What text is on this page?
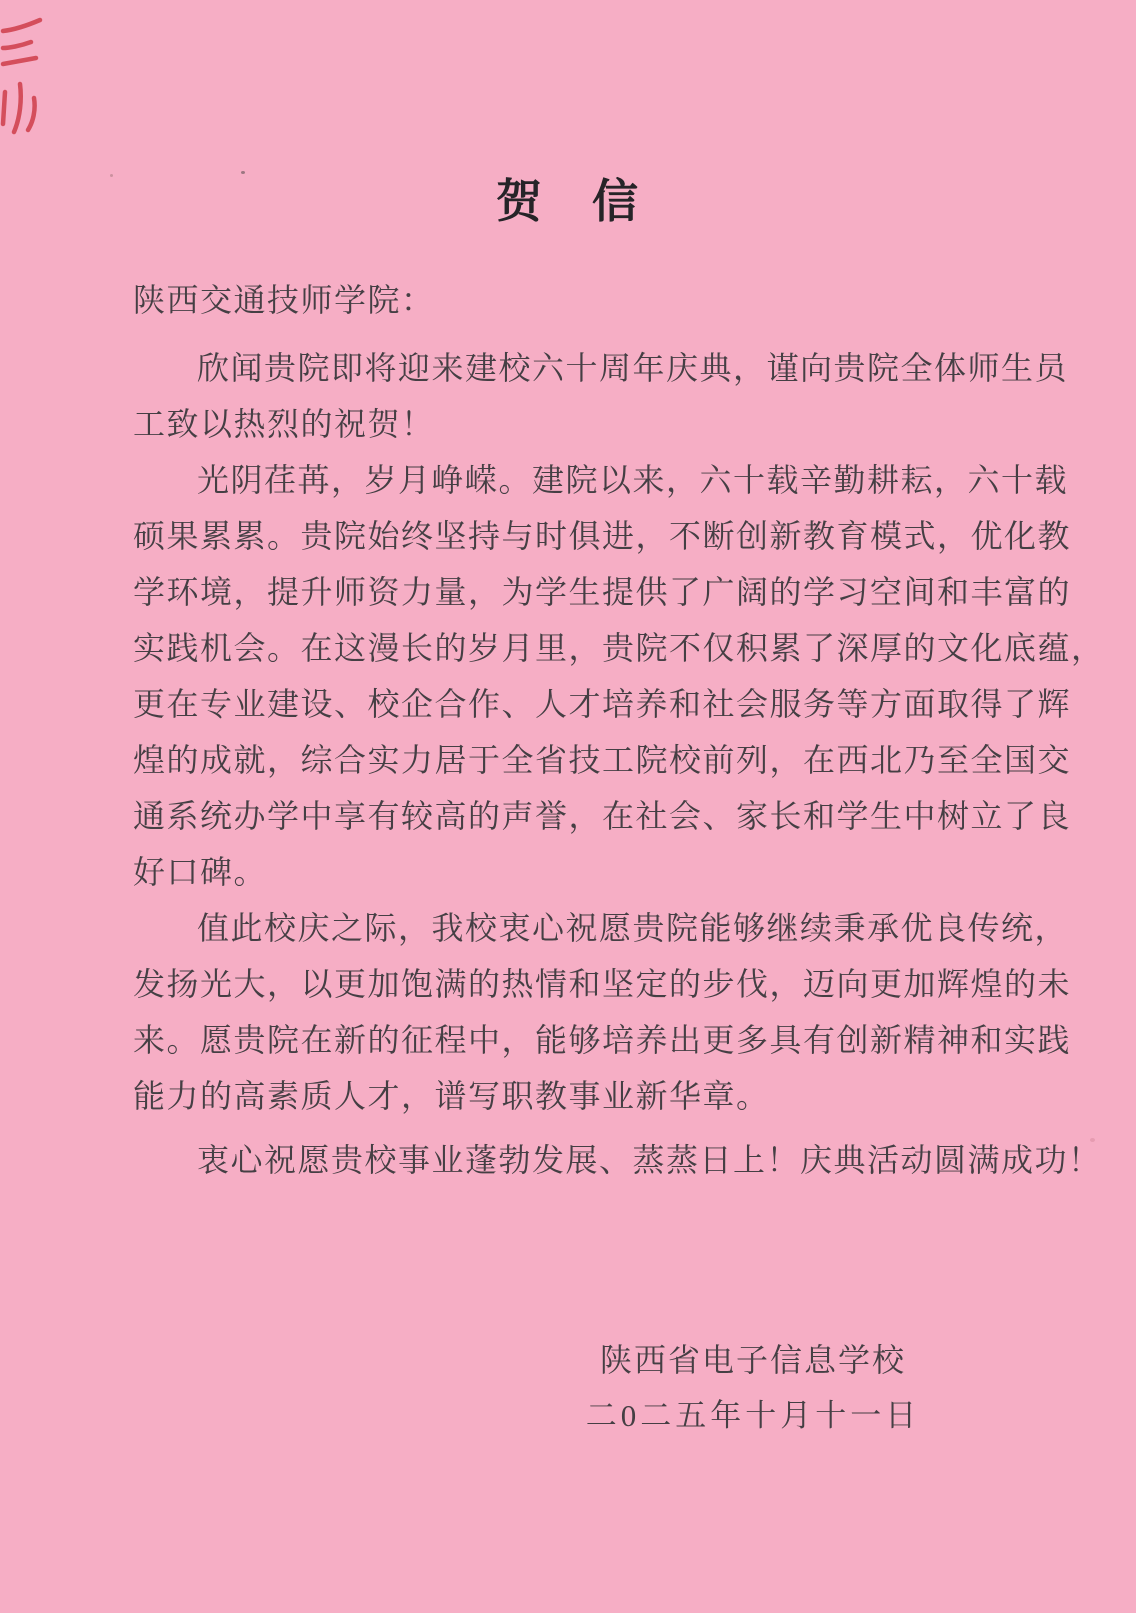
贺　信
陕西交通技师学院：
欣闻贵院即将迎来建校六十周年庆典，谨向贵院全体师生员
工致以热烈的祝贺！
光阴荏苒，岁月峥嵘。建院以来，六十载辛勤耕耘，六十载
硕果累累。贵院始终坚持与时俱进，不断创新教育模式，优化教
学环境，提升师资力量，为学生提供了广阔的学习空间和丰富的
实践机会。在这漫长的岁月里，贵院不仅积累了深厚的文化底蕴，
更在专业建设、校企合作、人才培养和社会服务等方面取得了辉
煌的成就，综合实力居于全省技工院校前列，在西北乃至全国交
通系统办学中享有较高的声誉，在社会、家长和学生中树立了良
好口碑。
值此校庆之际，我校衷心祝愿贵院能够继续秉承优良传统，
发扬光大，以更加饱满的热情和坚定的步伐，迈向更加辉煌的未
来。愿贵院在新的征程中，能够培养出更多具有创新精神和实践
能力的高素质人才，谱写职教事业新华章。
衷心祝愿贵校事业蓬勃发展、蒸蒸日上！庆典活动圆满成功！
陕西省电子信息学校
二0二五年十月十一日
